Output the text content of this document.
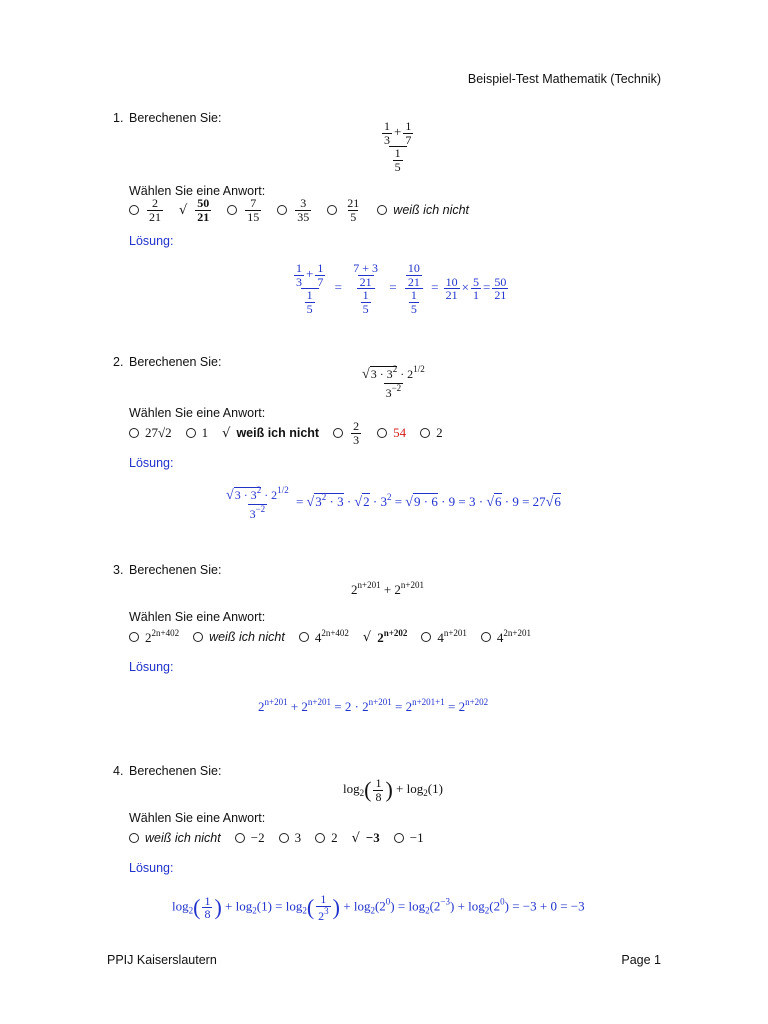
Beispiel-Test Mathematik (Technik)
1. Berechenen Sie:
$\frac{\frac{1}{3} + \frac{1}{7}}{\frac{1}{5}}$
Wählen Sie eine Anwort:
$\frac{2}{21}$ √ $\frac{50}{21}$	$\frac{7}{15}$	$\frac{3}{35}$	$\frac{21}{5}$	weiß ich nicht
Lösung:
$\frac{\frac{1}{3} + \frac{1}{7}}{\frac{1}{5}} = \frac{\frac{7 + 3}{21}}{\frac{1}{5}} = \frac{\frac{10}{21}}{\frac{1}{5}} = \frac{10}{21} \times \frac{5}{1} = \frac{50}{21}$
2. Berechenen Sie:
$\frac{√3 \cdot 3^2 \cdot 2^{1/2}}{3^{-2}}$
Wählen Sie eine Anwort:
27√2 1 √ weiß ich nicht	$\frac{2}{3} 54$ 2
Lösung:
$\frac{√3 \cdot 3^2 \cdot 2^{1/2}}{3^{-2}} = √3^2 \cdot 3 \cdot √2 \cdot 3^2 = √9 \cdot 6 \cdot 9 = 3 \cdot √6 \cdot 9 = 27√6$
3. Berechenen Sie:
$2^{n+201} + 2^{n+201}$
Wählen Sie eine Anwort:
$2^{2n+402}$ weiß ich nicht $4^{2n+402}$ √ $2^{n+202}$ $4^{n+201}$ $4^{2n+201}$
Lösung:
$2^{n+201} + 2^{n+201} = 2 \cdot 2^{n+201} = 2^{n+201+1} = 2^{n+202}$
4. Berechenen Sie:
$\log_2( \frac{1}{8}$ ) + $\log_2(1)$
Wählen Sie eine Anwort:
weiß ich nicht −2 3 2 √ −3 −1
Lösung:
$\log_2( \frac{1}{8}$ ) + $\log_2(1) = \log_2( \frac{1}{2^3}$ ) + $\log_2(2^0) = \log_2(2^{-3}) + \log_2(2^0) = -3 + 0 = -3$
PPIJ Kaiserslautern	Page 1
